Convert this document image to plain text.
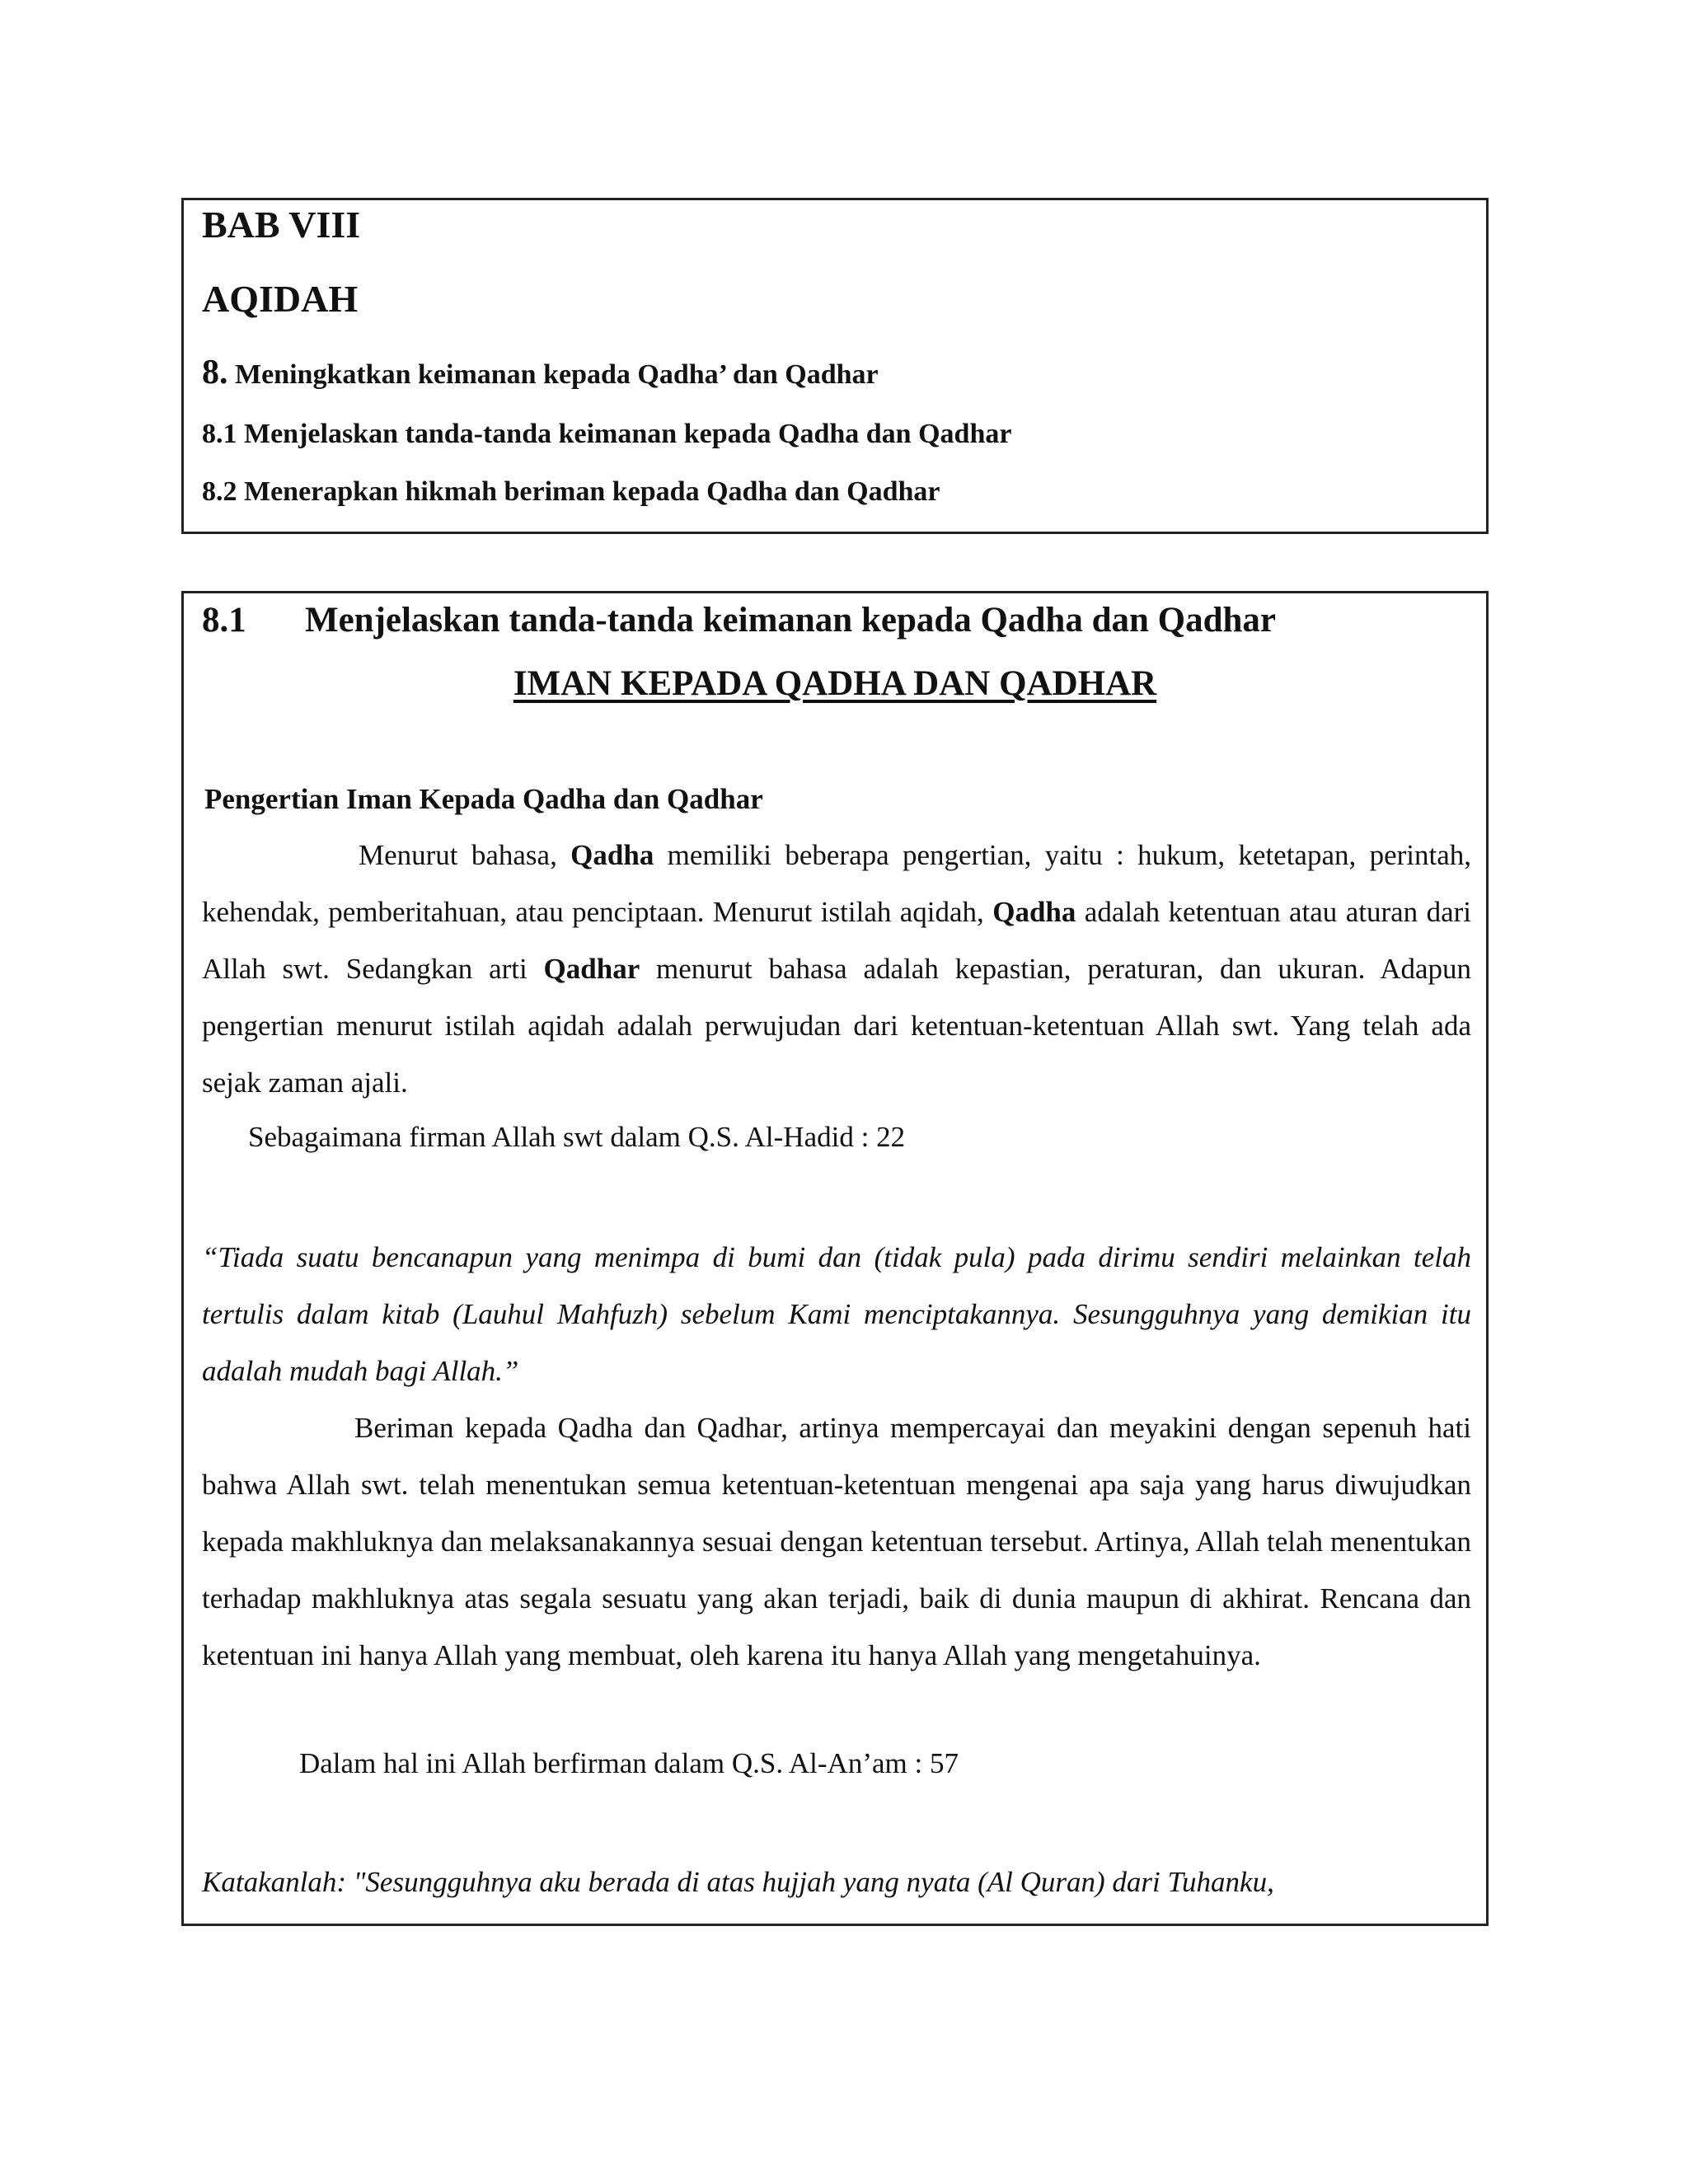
BAB VIII
AQIDAH
8. Meningkatkan keimanan kepada Qadha’ dan Qadhar
8.1 Menjelaskan tanda-tanda keimanan kepada Qadha dan Qadhar
8.2 Menerapkan hikmah beriman kepada Qadha dan Qadhar
8.1 Menjelaskan tanda-tanda keimanan kepada Qadha dan Qadhar
IMAN KEPADA QADHA DAN QADHAR
Pengertian Iman Kepada Qadha dan Qadhar

Menurut bahasa, Qadha memiliki beberapa pengertian, yaitu : hukum, ketetapan, perintah, kehendak, pemberitahuan, atau penciptaan. Menurut istilah aqidah, Qadha adalah ketentuan atau aturan dari Allah swt. Sedangkan arti Qadhar menurut bahasa adalah kepastian, peraturan, dan ukuran. Adapun pengertian menurut istilah aqidah adalah perwujudan dari ketentuan-ketentuan Allah swt. Yang telah ada sejak zaman ajali.

Sebagaimana firman Allah swt dalam Q.S. Al-Hadid : 22

“Tiada suatu bencanapun yang menimpa di bumi dan (tidak pula) pada dirimu sendiri melainkan telah tertulis dalam kitab (Lauhul Mahfuzh) sebelum Kami menciptakannya. Sesungguhnya yang demikian itu adalah mudah bagi Allah.”

Beriman kepada Qadha dan Qadhar, artinya mempercayai dan meyakini dengan sepenuh hati bahwa Allah swt. telah menentukan semua ketentuan-ketentuan mengenai apa saja yang harus diwujudkan kepada makhluknya dan melaksanakannya sesuai dengan ketentuan tersebut. Artinya, Allah telah menentukan terhadap makhluknya atas segala sesuatu yang akan terjadi, baik di dunia maupun di akhirat. Rencana dan ketentuan ini hanya Allah yang membuat, oleh karena itu hanya Allah yang mengetahuinya.

Dalam hal ini Allah berfirman dalam Q.S. Al-An’am : 57

Katakanlah: "Sesungguhnya aku berada di atas hujjah yang nyata (Al Quran) dari Tuhanku,
